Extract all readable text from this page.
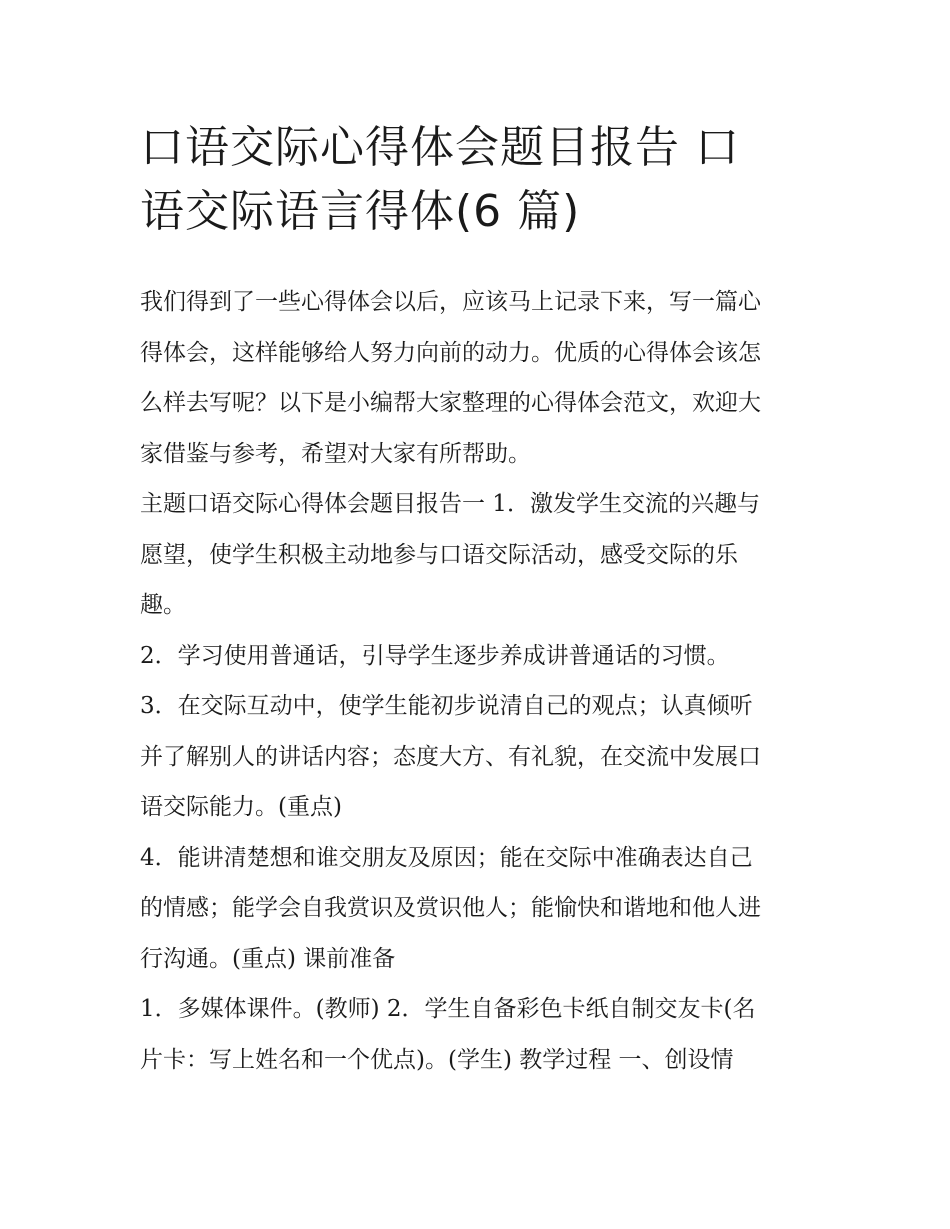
口语交际心得体会题目报告 口
语交际语言得体(6 篇)

我们得到了一些心得体会以后，应该马上记录下来，写一篇心
得体会，这样能够给人努力向前的动力。优质的心得体会该怎
么样去写呢？以下是小编帮大家整理的心得体会范文，欢迎大
家借鉴与参考，希望对大家有所帮助。

主题口语交际心得体会题目报告一 1．激发学生交流的兴趣与
愿望，使学生积极主动地参与口语交际活动，感受交际的乐
趣。

2．学习使用普通话，引导学生逐步养成讲普通话的习惯。

3．在交际互动中，使学生能初步说清自己的观点；认真倾听
并了解别人的讲话内容；态度大方、有礼貌，在交流中发展口
语交际能力。(重点)

4．能讲清楚想和谁交朋友及原因；能在交际中准确表达自己
的情感；能学会自我赏识及赏识他人；能愉快和谐地和他人进
行沟通。(重点) 课前准备

1．多媒体课件。(教师) 2．学生自备彩色卡纸自制交友卡(名
片卡：写上姓名和一个优点)。(学生) 教学过程 一、创设情
